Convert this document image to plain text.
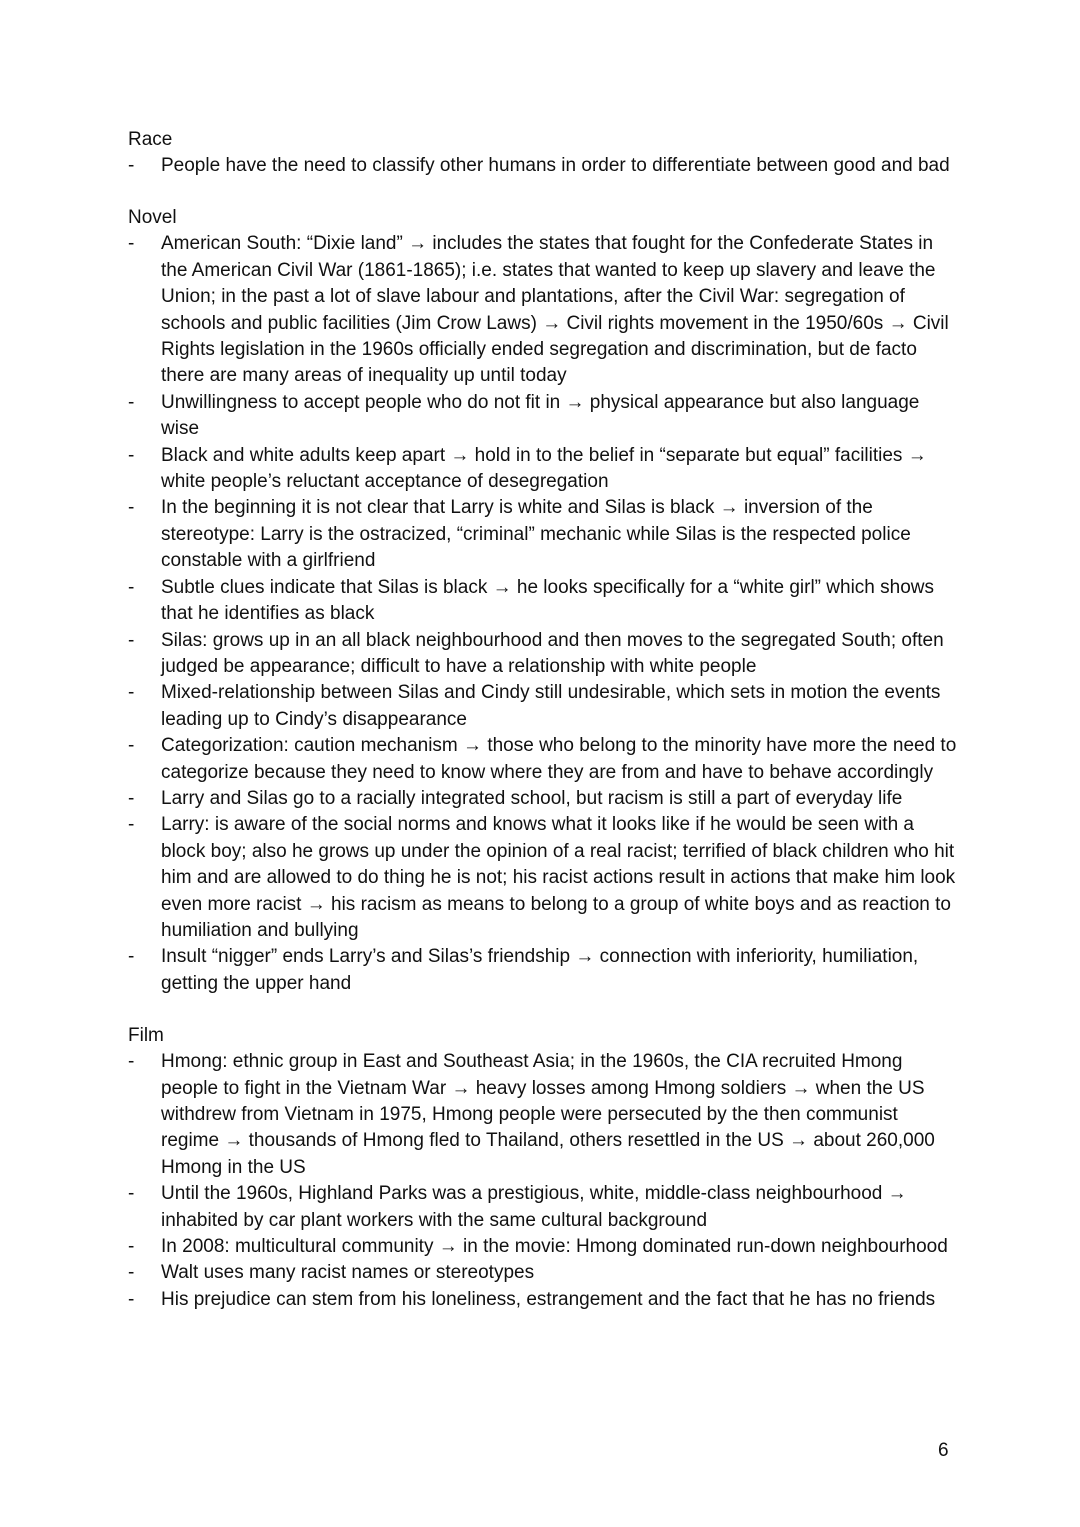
Race
- People have the need to classify other humans in order to differentiate between good and bad
Novel
- American South: “Dixie land” → includes the states that fought for the Confederate States in the American Civil War (1861-1865); i.e. states that wanted to keep up slavery and leave the Union; in the past a lot of slave labour and plantations, after the Civil War: segregation of schools and public facilities (Jim Crow Laws) → Civil rights movement in the 1950/60s → Civil Rights legislation in the 1960s officially ended segregation and discrimination, but de facto there are many areas of inequality up until today
- Unwillingness to accept people who do not fit in → physical appearance but also language wise
- Black and white adults keep apart → hold in to the belief in “separate but equal” facilities → white people’s reluctant acceptance of desegregation
- In the beginning it is not clear that Larry is white and Silas is black → inversion of the stereotype: Larry is the ostracized, “criminal” mechanic while Silas is the respected police constable with a girlfriend
- Subtle clues indicate that Silas is black → he looks specifically for a “white girl” which shows that he identifies as black
- Silas: grows up in an all black neighbourhood and then moves to the segregated South; often judged be appearance; difficult to have a relationship with white people
- Mixed-relationship between Silas and Cindy still undesirable, which sets in motion the events leading up to Cindy’s disappearance
- Categorization: caution mechanism → those who belong to the minority have more the need to categorize because they need to know where they are from and have to behave accordingly
- Larry and Silas go to a racially integrated school, but racism is still a part of everyday life
- Larry: is aware of the social norms and knows what it looks like if he would be seen with a block boy; also he grows up under the opinion of a real racist; terrified of black children who hit him and are allowed to do thing he is not; his racist actions result in actions that make him look even more racist → his racism as means to belong to a group of white boys and as reaction to humiliation and bullying
- Insult “nigger” ends Larry’s and Silas’s friendship → connection with inferiority, humiliation, getting the upper hand
Film
- Hmong: ethnic group in East and Southeast Asia; in the 1960s, the CIA recruited Hmong people to fight in the Vietnam War → heavy losses among Hmong soldiers → when the US withdrew from Vietnam in 1975, Hmong people were persecuted by the then communist regime → thousands of Hmong fled to Thailand, others resettled in the US → about 260,000 Hmong in the US
- Until the 1960s, Highland Parks was a prestigious, white, middle-class neighbourhood → inhabited by car plant workers with the same cultural background
- In 2008: multicultural community → in the movie: Hmong dominated run-down neighbourhood
- Walt uses many racist names or stereotypes
- His prejudice can stem from his loneliness, estrangement and the fact that he has no friends
6
